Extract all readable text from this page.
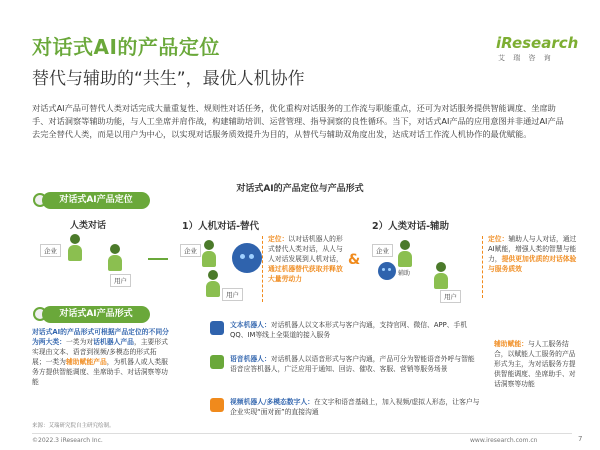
对话式AI的产品定位
替代与辅助的“共生”，最优人机协作
iResearch
艾 瑞 咨 询
对话式AI产品可替代人类对话完成大量重复性、规则性对话任务，优化重构对话服务的工作流与职能重点，还可为对话服务提供智能调度、坐席助手、对话洞察等辅助功能，与人工坐席并肩作战，构建辅助培训、运营管理、指导洞察的良性循环。当下，对话式AI产品的应用意图并非通过AI产品去完全替代人类，而是以用户为中心，以实现对话服务质效提升为目的，从替代与辅助双角度出发，达成对话工作流人机协作的最优赋能。
对话式AI的产品定位与产品形式
对话式AI产品定位
人类对话
企业
用户
1）人机对话-替代
企业
用户
定位：以对话机器人的形式替代人类对话，从人与人对话发展到人机对话，通过机器替代获取并释放大量劳动力
&
2）人类对话-辅助
企业
辅助
用户
定位：辅助人与人对话，通过AI赋能，增强人类的智慧与能力，提供更加优质的对话体验与服务质效
对话式AI产品形式
对话式AI的产品形式可根据产品定位的不同分为两大类：一类为对话机器人产品，主要形式实现由文本、语音到视频/多模态的形式拓展；一类为辅助赋能产品，为机器人或人类服务方提供智能调度、坐席助手、对话洞察等功能
文本机器人：对话机器人以文本形式与客户沟通，支持官网、微信、APP、手机QQ、IM等线上全渠道的接入服务
语音机器人：对话机器人以语音形式与客户沟通，产品可分为智能语音外呼与智能语音应答机器人，广泛应用于通知、回访、催收、客服、营销等服务场景
视频机器人/多模态数字人：在文字和语音基础上，加入视频/虚拟人形态，让客户与企业实现“面对面”的直接沟通
辅助赋能：与人工服务结合，以赋能人工服务的产品形式为主，为对话服务方提供智能调度、坐席助手、对话洞察等功能
来源：艾瑞研究院自主研究绘制。
©2022.3 iResearch Inc.	www.iresearch.com.cn	7
